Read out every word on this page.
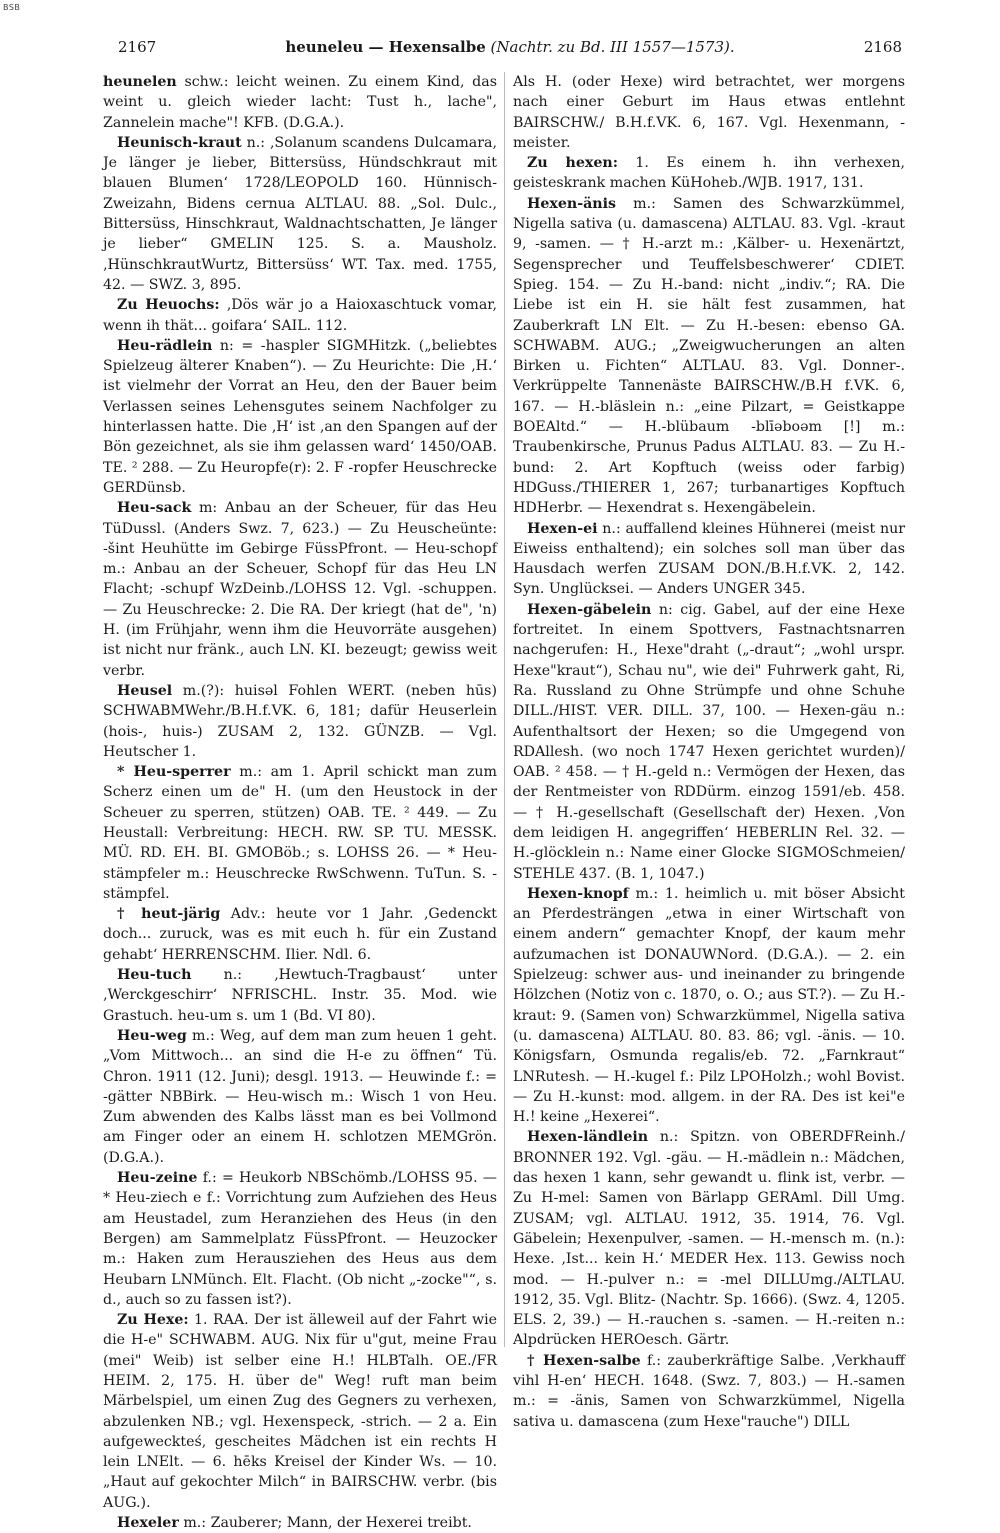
BSB
2167	heuneleu — Hexensalbe (Nachtr. zu Bd. III 1557—1573).	2168

heunelen schw.: leicht weinen. Zu einem Kind, das weint u. gleich wieder lacht: Tust h., lache", Zannelein mache"! KFB. (D.G.A.).

Heunisch-kraut n.: ‚Solanum scandens Dulcamara, Je länger je lieber, Bittersüss, Hündschkraut mit blauen Blumen‘ 1728/LEOPOLD 160. Hünnisch- Zweizahn, Bidens cernua ALTLAU. 88. „Sol. Dulc., Bittersüss, Hinschkraut, Waldnachtschatten, Je länger je lieber“ GMELIN 125. S. a. Mausholz. ‚HünschkrautWurtz, Bittersüss‘ WT. Tax. med. 1755, 42. — SWZ. 3, 895.

Zu Heuochs: ‚Dös wär jo a Haioxaschtuck vomar, wenn ih thät... goifara‘ SAIL. 112.

Heu-rädlein n: = -haspler SIGMHitzk. („beliebtes Spielzeug älterer Knaben“). — Zu Heurichte: Die ‚H.‘ ist vielmehr der Vorrat an Heu, den der Bauer beim Verlassen seines Lehensgutes seinem Nachfolger zu hinterlassen hatte. Die ‚H‘ ist ‚an den Spangen auf der Bön gezeichnet, als sie ihm gelassen ward‘ 1450/OAB. TE. ² 288. — Zu Heuropfe(r): 2. F -ropfer Heuschrecke GERDünsb.

Heu-sack m: Anbau an der Scheuer, für das Heu TüDussl. (Anders Swz. 7, 623.) — Zu Heuscheünte: -šint Heuhütte im Gebirge FüssPfront. — Heu-schopf m.: Anbau an der Scheuer, Schopf für das Heu LN Flacht; -schupf WzDeinb./LOHSS 12. Vgl. -schuppen. — Zu Heuschrecke: 2. Die RA. Der kriegt (hat de", 'n) H. (im Frühjahr, wenn ihm die Heuvorräte ausgehen) ist nicht nur fränk., auch LN. KI. bezeugt; gewiss weit verbr.

Heusel m.(?): huisəl Fohlen WERT. (neben hūs) SCHWABMWehr./B.H.f.VK. 6, 181; dafür Heuserlein (hois-, huis-) ZUSAM 2, 132. GÜNZB. — Vgl. Heutscher 1.

* Heu-sperrer m.: am 1. April schickt man zum Scherz einen um de" H. (um den Heustock in der Scheuer zu sperren, stützen) OAB. TE. ² 449. — Zu Heustall: Verbreitung: HECH. RW. SP. TU. MESSK. MÜ. RD. EH. BI. GMOBöb.; s. LOHSS 26. — * Heu-stämpfeler m.: Heuschrecke RwSchwenn. TuTun. S. -stämpfel.

† heut-järig Adv.: heute vor 1 Jahr. ‚Gedenckt doch... zuruck, was es mit euch h. für ein Zustand gehabt‘ HERRENSCHM. Ilier. Ndl. 6.

Heu-tuch n.: ‚Hewtuch-Tragbaust‘ unter ‚Werckgeschirr‘ NFRISCHL. Instr. 35. Mod. wie Grastuch. heu-um s. um 1 (Bd. VI 80).

Heu-weg m.: Weg, auf dem man zum heuen 1 geht. „Vom Mittwoch... an sind die H-e zu öffnen“ Tü. Chron. 1911 (12. Juni); desgl. 1913. — Heuwinde f.: = -gätter NBBirk. — Heu-wisch m.: Wisch 1 von Heu. Zum abwenden des Kalbs lässt man es bei Vollmond am Finger oder an einem H. schlotzen MEMGrön. (D.G.A.).

Heu-zeine f.: = Heukorb NBSchömb./LOHSS 95. — * Heu-ziech e f.: Vorrichtung zum Aufziehen des Heus am Heustadel, zum Heranziehen des Heus (in den Bergen) am Sammelplatz FüssPfront. — Heuzocker m.: Haken zum Herausziehen des Heus aus dem Heubarn LNMünch. Elt. Flacht. (Ob nicht „-zocke"“, s. d., auch so zu fassen ist?).

Zu Hexe: 1. RAA. Der ist älleweil auf der Fahrt wie die H-e" SCHWABM. AUG. Nix für u"gut, meine Frau (mei" Weib) ist selber eine H.! HLBTalh. OE./FR HEIM. 2, 175. H. über de" Weg! ruft man beim Märbelspiel, um einen Zug des Gegners zu verhexen, abzulenken NB.; vgl. Hexenspeck, -strich. — 2 a. Ein aufgeweckteś, gescheites Mädchen ist ein rechts H lein LNElt. — 6. hēks Kreisel der Kinder Ws. — 10. „Haut auf gekochter Milch“ in BAIRSCHW. verbr. (bis AUG.).

Hexeler m.: Zauberer; Mann, der Hexerei treibt.

Als H. (oder Hexe) wird betrachtet, wer morgens nach einer Geburt im Haus etwas entlehnt BAIRSCHW./ B.H.f.VK. 6, 167. Vgl. Hexenmann, -meister.

Zu hexen: 1. Es einem h. ihn verhexen, geisteskrank machen KüHoheb./WJB. 1917, 131.

Hexen-änis m.: Samen des Schwarzkümmel, Nigella sativa (u. damascena) ALTLAU. 83. Vgl. -kraut 9, -samen. — † H.-arzt m.: ‚Kälber- u. Hexenärtzt, Segensprecher und Teuffelsbeschwerer‘ CDIET. Spieg. 154. — Zu H.-band: nicht „indiv.“; RA. Die Liebe ist ein H. sie hält fest zusammen, hat Zauberkraft LN Elt. — Zu H.-besen: ebenso GA. SCHWABM. AUG.; „Zweigwucherungen an alten Birken u. Fichten“ ALTLAU. 83. Vgl. Donner-. Verkrüppelte Tannenäste BAIRSCHW./B.H f.VK. 6, 167. — H.-bläslein n.: „eine Pilzart, = Geistkappe BOEAltd.“ — H.-blübaum -blīəboəm [!] m.: Traubenkirsche, Prunus Padus ALTLAU. 83. — Zu H.-bund: 2. Art Kopftuch (weiss oder farbig) HDGuss./THIERER 1, 267; turbanartiges Kopftuch HDHerbr. — Hexendrat s. Hexengäbelein.

Hexen-ei n.: auffallend kleines Hühnerei (meist nur Eiweiss enthaltend); ein solches soll man über das Hausdach werfen ZUSAM DON./B.H.f.VK. 2, 142. Syn. Unglücksei. — Anders UNGER 345.

Hexen-gäbelein n: cig. Gabel, auf der eine Hexe fortreitet. In einem Spottvers, Fastnachtsnarren nachgerufen: H., Hexe"draht („-draut“; „wohl urspr. Hexe"kraut“), Schau nu", wie dei" Fuhrwerk gaht, Ri, Ra. Russland zu Ohne Strümpfe und ohne Schuhe DILL./HIST. VER. DILL. 37, 100. — Hexen-gäu n.: Aufenthaltsort der Hexen; so die Umgegend von RDAllesh. (wo noch 1747 Hexen gerichtet wurden)/ OAB. ² 458. — † H.-geld n.: Vermögen der Hexen, das der Rentmeister von RDDürm. einzog 1591/eb. 458. — † H.-gesellschaft (Gesellschaft der) Hexen. ‚Von dem leidigen H. angegriffen‘ HEBERLIN Rel. 32. — H.-glöcklein n.: Name einer Glocke SIGMOSchmeien/ STEHLE 437. (B. 1, 1047.)

Hexen-knopf m.: 1. heimlich u. mit böser Absicht an Pferdesträngen „etwa in einer Wirtschaft von einem andern“ gemachter Knopf, der kaum mehr aufzumachen ist DONAUWNord. (D.G.A.). — 2. ein Spielzeug: schwer aus- und ineinander zu bringende Hölzchen (Notiz von c. 1870, o. O.; aus ST.?). — Zu H.-kraut: 9. (Samen von) Schwarzkümmel, Nigella sativa (u. damascena) ALTLAU. 80. 83. 86; vgl. -änis. — 10. Königsfarn, Osmunda regalis/eb. 72. „Farnkraut“ LNRutesh. — H.-kugel f.: Pilz LPOHolzh.; wohl Bovist. — Zu H.-kunst: mod. allgem. in der RA. Des ist kei"e H.! keine „Hexerei“.

Hexen-ländlein n.: Spitzn. von OBERDFReinh./ BRONNER 192. Vgl. -gäu. — H.-mädlein n.: Mädchen, das hexen 1 kann, sehr gewandt u. flink ist, verbr. — Zu H-mel: Samen von Bärlapp GERAml. Dill Umg. ZUSAM; vgl. ALTLAU. 1912, 35. 1914, 76. Vgl. Gäbelein; Hexenpulver, -samen. — H.-mensch m. (n.): Hexe. ‚Ist... kein H.‘ MEDER Hex. 113. Gewiss noch mod. — H.-pulver n.: = -mel DILLUmg./ALTLAU. 1912, 35. Vgl. Blitz- (Nachtr. Sp. 1666). (Swz. 4, 1205. ELS. 2, 39.) — H.-rauchen s. -samen. — H.-reiten n.: Alpdrücken HEROesch. Gärtr.

† Hexen-salbe f.: zauberkräftige Salbe. ‚Verkhauff vihl H-en‘ HECH. 1648. (Swz. 7, 803.) — H.-samen m.: = -änis, Samen von Schwarzkümmel, Nigella sativa u. damascena (zum Hexe"rauche") DILL
